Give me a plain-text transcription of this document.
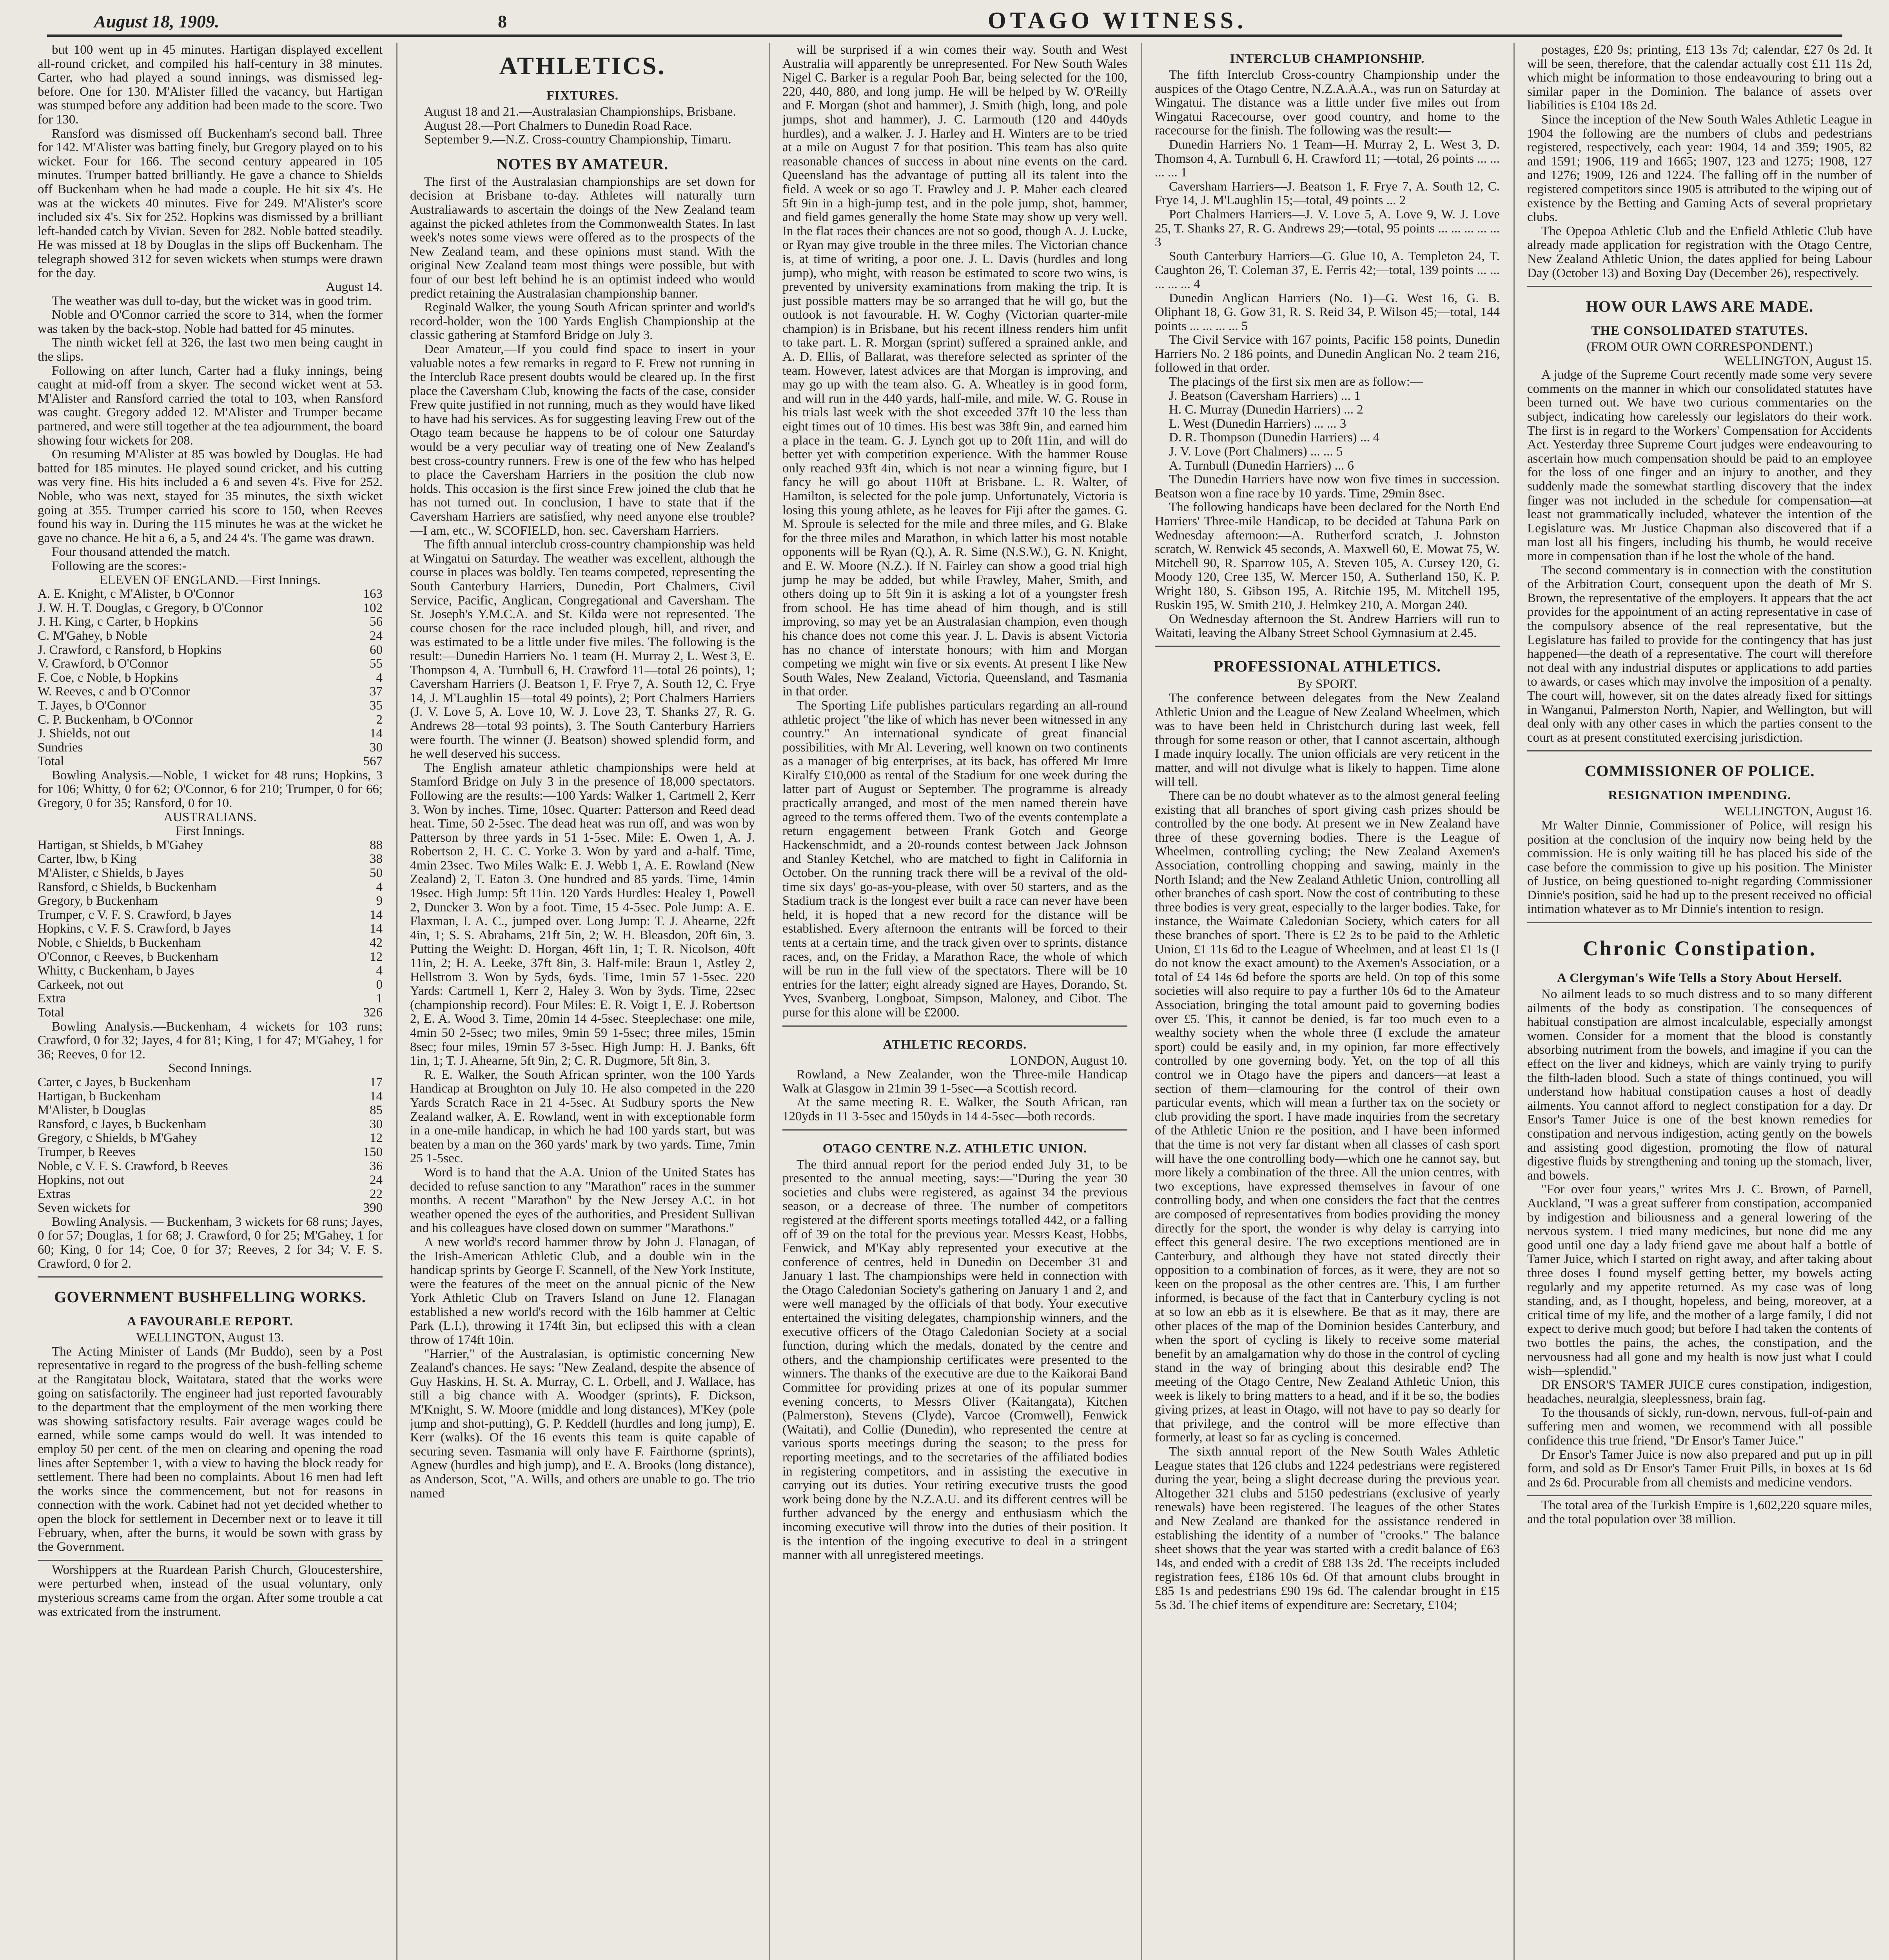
August 18, 1909.	8	OTAGO WITNESS.

but 100 went up in 45 minutes. Hartigan displayed excellent all-round cricket, and compiled his half-century in 38 minutes. Carter, who had played a sound innings, was dismissed leg-before. One for 130. M'Alister filled the vacancy, but Hartigan was stumped before any addition had been made to the score. Two for 130.

Ransford was dismissed off Buckenham's second ball. Three for 142. M'Alister was batting finely, but Gregory played on to his wicket. Four for 166. The second century appeared in 105 minutes. Trumper batted brilliantly. He gave a chance to Shields off Buckenham when he had made a couple. He hit six 4's. He was at the wickets 40 minutes. Five for 249. M'Alister's score included six 4's. Six for 252. Hopkins was dismissed by a brilliant left-handed catch by Vivian. Seven for 282. Noble batted steadily. He was missed at 18 by Douglas in the slips off Buckenham. The telegraph showed 312 for seven wickets when stumps were drawn for the day.

August 14.

The weather was dull to-day, but the wicket was in good trim.

Noble and O'Connor carried the score to 314, when the former was taken by the back-stop. Noble had batted for 45 minutes.

The ninth wicket fell at 326, the last two men being caught in the slips.

Following on after lunch, Carter had a fluky innings, being caught at mid-off from a skyer. The second wicket went at 53. M'Alister and Ransford carried the total to 103, when Ransford was caught. Gregory added 12. M'Alister and Trumper became partnered, and were still together at the tea adjournment, the board showing four wickets for 208.

On resuming M'Alister at 85 was bowled by Douglas. He had batted for 185 minutes. He played sound cricket, and his cutting was very fine. His hits included a 6 and seven 4's. Five for 252. Noble, who was next, stayed for 35 minutes, the sixth wicket going at 355. Trumper carried his score to 150, when Reeves found his way in. During the 115 minutes he was at the wicket he gave no chance. He hit a 6, a 5, and 24 4's. The game was drawn.

Four thousand attended the match.

Following are the scores:-

ELEVEN OF ENGLAND.—First Innings.

A. E. Knight, c M'Alister, b O'Connor	163
J. W. H. T. Douglas, c Gregory, b O'Connor	102
J. H. King, c Carter, b Hopkins	56
C. M'Gahey, b Noble	24
J. Crawford, c Ransford, b Hopkins	60
V. Crawford, b O'Connor	55
F. Coe, c Noble, b Hopkins	4
W. Reeves, c and b O'Connor	37
T. Jayes, b O'Connor	35
C. P. Buckenham, b O'Connor	2
J. Shields, not out	14
Sundries	30
Total	567

Bowling Analysis.—Noble, 1 wicket for 48 runs; Hopkins, 3 for 106; Whitty, 0 for 62; O'Connor, 6 for 210; Trumper, 0 for 66; Gregory, 0 for 35; Ransford, 0 for 10.

AUSTRALIANS.

First Innings.

Hartigan, st Shields, b M'Gahey	88
Carter, lbw, b King	38
M'Alister, c Shields, b Jayes	50
Ransford, c Shields, b Buckenham	4
Gregory, b Buckenham	9
Trumper, c V. F. S. Crawford, b Jayes	14
Hopkins, c V. F. S. Crawford, b Jayes	14
Noble, c Shields, b Buckenham	42
O'Connor, c Reeves, b Buckenham	12
Whitty, c Buckenham, b Jayes	4
Carkeek, not out	0
Extra	1
Total	326

Bowling Analysis.—Buckenham, 4 wickets for 103 runs; Crawford, 0 for 32; Jayes, 4 for 81; King, 1 for 47; M'Gahey, 1 for 36; Reeves, 0 for 12.

Second Innings.

Carter, c Jayes, b Buckenham	17
Hartigan, b Buckenham	14
M'Alister, b Douglas	85
Ransford, c Jayes, b Buckenham	30
Gregory, c Shields, b M'Gahey	12
Trumper, b Reeves	150
Noble, c V. F. S. Crawford, b Reeves	36
Hopkins, not out	24
Extras	22
Seven wickets for	390

Bowling Analysis. — Buckenham, 3 wickets for 68 runs; Jayes, 0 for 57; Douglas, 1 for 68; J. Crawford, 0 for 25; M'Gahey, 1 for 60; King, 0 for 14; Coe, 0 for 37; Reeves, 2 for 34; V. F. S. Crawford, 0 for 2.

GOVERNMENT BUSHFELLING WORKS.

A FAVOURABLE REPORT.

WELLINGTON, August 13.

The Acting Minister of Lands (Mr Buddo), seen by a Post representative in regard to the progress of the bush-felling scheme at the Rangitatau block, Waitatara, stated that the works were going on satisfactorily. The engineer had just reported favourably to the department that the employment of the men working there was showing satisfactory results. Fair average wages could be earned, while some camps would do well. It was intended to employ 50 per cent. of the men on clearing and opening the road lines after September 1, with a view to having the block ready for settlement. There had been no complaints. About 16 men had left the works since the commencement, but not for reasons in connection with the work. Cabinet had not yet decided whether to open the block for settlement in December next or to leave it till February, when, after the burns, it would be sown with grass by the Government.

Worshippers at the Ruardean Parish Church, Gloucestershire, were perturbed when, instead of the usual voluntary, only mysterious screams came from the organ. After some trouble a cat was extricated from the instrument.

ATHLETICS.

FIXTURES.

August 18 and 21.—Australasian Championships, Brisbane.

August 28.—Port Chalmers to Dunedin Road Race.

September 9.—N.Z. Cross-country Championship, Timaru.

NOTES BY AMATEUR.

The first of the Australasian championships are set down for decision at Brisbane to-day. Athletes will naturally turn Australiawards to ascertain the doings of the New Zealand team against the picked athletes from the Commonwealth States. In last week's notes some views were offered as to the prospects of the New Zealand team, and these opinions must stand. With the original New Zealand team most things were possible, but with four of our best left behind he is an optimist indeed who would predict retaining the Australasian championship banner.

Reginald Walker, the young South African sprinter and world's record-holder, won the 100 Yards English Championship at the classic gathering at Stamford Bridge on July 3.

Dear Amateur,—If you could find space to insert in your valuable notes a few remarks in regard to F. Frew not running in the Interclub Race present doubts would be cleared up. In the first place the Caversham Club, knowing the facts of the case, consider Frew quite justified in not running, much as they would have liked to have had his services. As for suggesting leaving Frew out of the Otago team because he happens to be of colour one Saturday would be a very peculiar way of treating one of New Zealand's best cross-country runners. Frew is one of the few who has helped to place the Caversham Harriers in the position the club now holds. This occasion is the first since Frew joined the club that he has not turned out. In conclusion, I have to state that if the Caversham Harriers are satisfied, why need anyone else trouble?—I am, etc., W. SCOFIELD, hon. sec. Caversham Harriers.

The fifth annual interclub cross-country championship was held at Wingatui on Saturday. The weather was excellent, although the course in places was boldly. Ten teams competed, representing the South Canterbury Harriers, Dunedin, Port Chalmers, Civil Service, Pacific, Anglican, Congregational and Caversham. The St. Joseph's Y.M.C.A. and St. Kilda were not represented. The course chosen for the race included plough, hill, and river, and was estimated to be a little under five miles. The following is the result:—Dunedin Harriers No. 1 team (H. Murray 2, L. West 3, E. Thompson 4, A. Turnbull 6, H. Crawford 11—total 26 points), 1; Caversham Harriers (J. Beatson 1, F. Frye 7, A. South 12, C. Frye 14, J. M'Laughlin 15—total 49 points), 2; Port Chalmers Harriers (J. V. Love 5, A. Love 10, W. J. Love 23, T. Shanks 27, R. G. Andrews 28—total 93 points), 3. The South Canterbury Harriers were fourth. The winner (J. Beatson) showed splendid form, and he well deserved his success.

The English amateur athletic championships were held at Stamford Bridge on July 3 in the presence of 18,000 spectators. Following are the results:—100 Yards: Walker 1, Cartmell 2, Kerr 3. Won by inches. Time, 10sec. Quarter: Patterson and Reed dead heat. Time, 50 2-5sec. The dead heat was run off, and was won by Patterson by three yards in 51 1-5sec. Mile: E. Owen 1, A. J. Robertson 2, H. C. C. Yorke 3. Won by yard and a-half. Time, 4min 23sec. Two Miles Walk: E. J. Webb 1, A. E. Rowland (New Zealand) 2, T. Eaton 3. One hundred and 85 yards. Time, 14min 19sec. High Jump: 5ft 11in. 120 Yards Hurdles: Healey 1, Powell 2, Duncker 3. Won by a foot. Time, 15 4-5sec. Pole Jump: A. E. Flaxman, I. A. C., jumped over. Long Jump: T. J. Ahearne, 22ft 4in, 1; S. S. Abrahams, 21ft 5in, 2; W. H. Bleasdon, 20ft 6in, 3. Putting the Weight: D. Horgan, 46ft 1in, 1; T. R. Nicolson, 40ft 11in, 2; H. A. Leeke, 37ft 8in, 3. Half-mile: Braun 1, Astley 2, Hellstrom 3. Won by 5yds, 6yds. Time, 1min 57 1-5sec. 220 Yards: Cartmell 1, Kerr 2, Haley 3. Won by 3yds. Time, 22sec (championship record). Four Miles: E. R. Voigt 1, E. J. Robertson 2, E. A. Wood 3. Time, 20min 14 4-5sec. Steeplechase: one mile, 4min 50 2-5sec; two miles, 9min 59 1-5sec; three miles, 15min 8sec; four miles, 19min 57 3-5sec. High Jump: H. J. Banks, 6ft 1in, 1; T. J. Ahearne, 5ft 9in, 2; C. R. Dugmore, 5ft 8in, 3.

R. E. Walker, the South African sprinter, won the 100 Yards Handicap at Broughton on July 10. He also competed in the 220 Yards Scratch Race in 21 4-5sec. At Sudbury sports the New Zealand walker, A. E. Rowland, went in with exceptionable form in a one-mile handicap, in which he had 100 yards start, but was beaten by a man on the 360 yards' mark by two yards. Time, 7min 25 1-5sec.

Word is to hand that the A.A. Union of the United States has decided to refuse sanction to any "Marathon" races in the summer months. A recent "Marathon" by the New Jersey A.C. in hot weather opened the eyes of the authorities, and President Sullivan and his colleagues have closed down on summer "Marathons."

A new world's record hammer throw by John J. Flanagan, of the Irish-American Athletic Club, and a double win in the handicap sprints by George F. Scannell, of the New York Institute, were the features of the meet on the annual picnic of the New York Athletic Club on Travers Island on June 12. Flanagan established a new world's record with the 16lb hammer at Celtic Park (L.I.), throwing it 174ft 3in, but eclipsed this with a clean throw of 174ft 10in.

"Harrier," of the Australasian, is optimistic concerning New Zealand's chances. He says: "New Zealand, despite the absence of Guy Haskins, H. St. A. Murray, C. L. Orbell, and J. Wallace, has still a big chance with A. Woodger (sprints), F. Dickson, M'Knight, S. W. Moore (middle and long distances), M'Key (pole jump and shot-putting), G. P. Keddell (hurdles and long jump), E. Kerr (walks). Of the 16 events this team is quite capable of securing seven. Tasmania will only have F. Fairthorne (sprints), Agnew (hurdles and high jump), and E. A. Brooks (long distance), as Anderson, Scot, "A. Wills, and others are unable to go. The trio named

will be surprised if a win comes their way. South and West Australia will apparently be unrepresented. For New South Wales Nigel C. Barker is a regular Pooh Bar, being selected for the 100, 220, 440, 880, and long jump. He will be helped by W. O'Reilly and F. Morgan (shot and hammer), J. Smith (high, long, and pole jumps, shot and hammer), J. C. Larmouth (120 and 440yds hurdles), and a walker. J. J. Harley and H. Winters are to be tried at a mile on August 7 for that position. This team has also quite reasonable chances of success in about nine events on the card. Queensland has the advantage of putting all its talent into the field. A week or so ago T. Frawley and J. P. Maher each cleared 5ft 9in in a high-jump test, and in the pole jump, shot, hammer, and field games generally the home State may show up very well. In the flat races their chances are not so good, though A. J. Lucke, or Ryan may give trouble in the three miles. The Victorian chance is, at time of writing, a poor one. J. L. Davis (hurdles and long jump), who might, with reason be estimated to score two wins, is prevented by university examinations from making the trip. It is just possible matters may be so arranged that he will go, but the outlook is not favourable. H. W. Coghy (Victorian quarter-mile champion) is in Brisbane, but his recent illness renders him unfit to take part. L. R. Morgan (sprint) suffered a sprained ankle, and A. D. Ellis, of Ballarat, was therefore selected as sprinter of the team. However, latest advices are that Morgan is improving, and may go up with the team also. G. A. Wheatley is in good form, and will run in the 440 yards, half-mile, and mile. W. G. Rouse in his trials last week with the shot exceeded 37ft 10 the less than eight times out of 10 times. His best was 38ft 9in, and earned him a place in the team. G. J. Lynch got up to 20ft 11in, and will do better yet with competition experience. With the hammer Rouse only reached 93ft 4in, which is not near a winning figure, but I fancy he will go about 110ft at Brisbane. L. R. Walter, of Hamilton, is selected for the pole jump. Unfortunately, Victoria is losing this young athlete, as he leaves for Fiji after the games. G. M. Sproule is selected for the mile and three miles, and G. Blake for the three miles and Marathon, in which latter his most notable opponents will be Ryan (Q.), A. R. Sime (N.S.W.), G. N. Knight, and E. W. Moore (N.Z.). If N. Fairley can show a good trial high jump he may be added, but while Frawley, Maher, Smith, and others doing up to 5ft 9in it is asking a lot of a youngster fresh from school. He has time ahead of him though, and is still improving, so may yet be an Australasian champion, even though his chance does not come this year. J. L. Davis is absent Victoria has no chance of interstate honours; with him and Morgan competing we might win five or six events. At present I like New South Wales, New Zealand, Victoria, Queensland, and Tasmania in that order.

The Sporting Life publishes particulars regarding an all-round athletic project "the like of which has never been witnessed in any country." An international syndicate of great financial possibilities, with Mr Al. Levering, well known on two continents as a manager of big enterprises, at its back, has offered Mr Imre Kiralfy £10,000 as rental of the Stadium for one week during the latter part of August or September. The programme is already practically arranged, and most of the men named therein have agreed to the terms offered them. Two of the events contemplate a return engagement between Frank Gotch and George Hackenschmidt, and a 20-rounds contest between Jack Johnson and Stanley Ketchel, who are matched to fight in California in October. On the running track there will be a revival of the old-time six days' go-as-you-please, with over 50 starters, and as the Stadium track is the longest ever built a race can never have been held, it is hoped that a new record for the distance will be established. Every afternoon the entrants will be forced to their tents at a certain time, and the track given over to sprints, distance races, and, on the Friday, a Marathon Race, the whole of which will be run in the full view of the spectators. There will be 10 entries for the latter; eight already signed are Hayes, Dorando, St. Yves, Svanberg, Longboat, Simpson, Maloney, and Cibot. The purse for this alone will be £2000.

ATHLETIC RECORDS.

LONDON, August 10.

Rowland, a New Zealander, won the Three-mile Handicap Walk at Glasgow in 21min 39 1-5sec—a Scottish record.

At the same meeting R. E. Walker, the South African, ran 120yds in 11 3-5sec and 150yds in 14 4-5sec—both records.

OTAGO CENTRE N.Z. ATHLETIC UNION.

The third annual report for the period ended July 31, to be presented to the annual meeting, says:—"During the year 30 societies and clubs were registered, as against 34 the previous season, or a decrease of three. The number of competitors registered at the different sports meetings totalled 442, or a falling off of 39 on the total for the previous year. Messrs Keast, Hobbs, Fenwick, and M'Kay ably represented your executive at the conference of centres, held in Dunedin on December 31 and January 1 last. The championships were held in connection with the Otago Caledonian Society's gathering on January 1 and 2, and were well managed by the officials of that body. Your executive entertained the visiting delegates, championship winners, and the executive officers of the Otago Caledonian Society at a social function, during which the medals, donated by the centre and others, and the championship certificates were presented to the winners. The thanks of the executive are due to the Kaikorai Band Committee for providing prizes at one of its popular summer evening concerts, to Messrs Oliver (Kaitangata), Kitchen (Palmerston), Stevens (Clyde), Varcoe (Cromwell), Fenwick (Waitati), and Collie (Dunedin), who represented the centre at various sports meetings during the season; to the press for reporting meetings, and to the secretaries of the affiliated bodies in registering competitors, and in assisting the executive in carrying out its duties. Your retiring executive trusts the good work being done by the N.Z.A.U. and its different centres will be further advanced by the energy and enthusiasm which the incoming executive will throw into the duties of their position. It is the intention of the ingoing executive to deal in a stringent manner with all unregistered meetings.

INTERCLUB CHAMPIONSHIP.

The fifth Interclub Cross-country Championship under the auspices of the Otago Centre, N.Z.A.A.A., was run on Saturday at Wingatui. The distance was a little under five miles out from Wingatui Racecourse, over good country, and home to the racecourse for the finish. The following was the result:—

Dunedin Harriers No. 1 Team—H. Murray 2, L. West 3, D. Thomson 4, A. Turnbull 6, H. Crawford 11; —total, 26 points ... ... ... ... 1

Caversham Harriers—J. Beatson 1, F. Frye 7, A. South 12, C. Frye 14, J. M'Laughlin 15;—total, 49 points ... 2

Port Chalmers Harriers—J. V. Love 5, A. Love 9, W. J. Love 25, T. Shanks 27, R. G. Andrews 29;—total, 95 points ... ... ... ... ... 3

South Canterbury Harriers—G. Glue 10, A. Templeton 24, T. Caughton 26, T. Coleman 37, E. Ferris 42;—total, 139 points ... ... ... ... ... 4

Dunedin Anglican Harriers (No. 1)—G. West 16, G. B. Oliphant 18, G. Gow 31, R. S. Reid 34, P. Wilson 45;—total, 144 points ... ... ... ... 5

The Civil Service with 167 points, Pacific 158 points, Dunedin Harriers No. 2 186 points, and Dunedin Anglican No. 2 team 216, followed in that order.

The placings of the first six men are as follow:—

J. Beatson (Caversham Harriers) ... 1

H. C. Murray (Dunedin Harriers) ... 2

L. West (Dunedin Harriers) ... ... 3

D. R. Thompson (Dunedin Harriers) ... 4

J. V. Love (Port Chalmers) ... ... 5

A. Turnbull (Dunedin Harriers) ... 6

The Dunedin Harriers have now won five times in succession. Beatson won a fine race by 10 yards. Time, 29min 8sec.

The following handicaps have been declared for the North End Harriers' Three-mile Handicap, to be decided at Tahuna Park on Wednesday afternoon:—A. Rutherford scratch, J. Johnston scratch, W. Renwick 45 seconds, A. Maxwell 60, E. Mowat 75, W. Mitchell 90, R. Sparrow 105, A. Steven 105, A. Cursey 120, G. Moody 120, Cree 135, W. Mercer 150, A. Sutherland 150, K. P. Wright 180, S. Gibson 195, A. Ritchie 195, M. Mitchell 195, Ruskin 195, W. Smith 210, J. Helmkey 210, A. Morgan 240.

On Wednesday afternoon the St. Andrew Harriers will run to Waitati, leaving the Albany Street School Gymnasium at 2.45.

PROFESSIONAL ATHLETICS.

By SPORT.

The conference between delegates from the New Zealand Athletic Union and the League of New Zealand Wheelmen, which was to have been held in Christchurch during last week, fell through for some reason or other, that I cannot ascertain, although I made inquiry locally. The union officials are very reticent in the matter, and will not divulge what is likely to happen. Time alone will tell.

There can be no doubt whatever as to the almost general feeling existing that all branches of sport giving cash prizes should be controlled by the one body. At present we in New Zealand have three of these governing bodies. There is the League of Wheelmen, controlling cycling; the New Zealand Axemen's Association, controlling chopping and sawing, mainly in the North Island; and the New Zealand Athletic Union, controlling all other branches of cash sport. Now the cost of contributing to these three bodies is very great, especially to the larger bodies. Take, for instance, the Waimate Caledonian Society, which caters for all these branches of sport. There is £2 2s to be paid to the Athletic Union, £1 11s 6d to the League of Wheelmen, and at least £1 1s (I do not know the exact amount) to the Axemen's Association, or a total of £4 14s 6d before the sports are held. On top of this some societies will also require to pay a further 10s 6d to the Amateur Association, bringing the total amount paid to governing bodies over £5. This, it cannot be denied, is far too much even to a wealthy society when the whole three (I exclude the amateur sport) could be easily and, in my opinion, far more effectively controlled by one governing body. Yet, on the top of all this control we in Otago have the pipers and dancers—at least a section of them—clamouring for the control of their own particular events, which will mean a further tax on the society or club providing the sport. I have made inquiries from the secretary of the Athletic Union re the position, and I have been informed that the time is not very far distant when all classes of cash sport will have the one controlling body—which one he cannot say, but more likely a combination of the three. All the union centres, with two exceptions, have expressed themselves in favour of one controlling body, and when one considers the fact that the centres are composed of representatives from bodies providing the money directly for the sport, the wonder is why delay is carrying into effect this general desire. The two exceptions mentioned are in Canterbury, and although they have not stated directly their opposition to a combination of forces, as it were, they are not so keen on the proposal as the other centres are. This, I am further informed, is because of the fact that in Canterbury cycling is not at so low an ebb as it is elsewhere. Be that as it may, there are other places of the map of the Dominion besides Canterbury, and when the sport of cycling is likely to receive some material benefit by an amalgamation why do those in the control of cycling stand in the way of bringing about this desirable end? The meeting of the Otago Centre, New Zealand Athletic Union, this week is likely to bring matters to a head, and if it be so, the bodies giving prizes, at least in Otago, will not have to pay so dearly for that privilege, and the control will be more effective than formerly, at least so far as cycling is concerned.

The sixth annual report of the New South Wales Athletic League states that 126 clubs and 1224 pedestrians were registered during the year, being a slight decrease during the previous year. Altogether 321 clubs and 5150 pedestrians (exclusive of yearly renewals) have been registered. The leagues of the other States and New Zealand are thanked for the assistance rendered in establishing the identity of a number of "crooks." The balance sheet shows that the year was started with a credit balance of £63 14s, and ended with a credit of £88 13s 2d. The receipts included registration fees, £186 10s 6d. Of that amount clubs brought in £85 1s and pedestrians £90 19s 6d. The calendar brought in £15 5s 3d. The chief items of expenditure are: Secretary, £104;

postages, £20 9s; printing, £13 13s 7d; calendar, £27 0s 2d. It will be seen, therefore, that the calendar actually cost £11 11s 2d, which might be information to those endeavouring to bring out a similar paper in the Dominion. The balance of assets over liabilities is £104 18s 2d.

Since the inception of the New South Wales Athletic League in 1904 the following are the numbers of clubs and pedestrians registered, respectively, each year: 1904, 14 and 359; 1905, 82 and 1591; 1906, 119 and 1665; 1907, 123 and 1275; 1908, 127 and 1276; 1909, 126 and 1224. The falling off in the number of registered competitors since 1905 is attributed to the wiping out of existence by the Betting and Gaming Acts of several proprietary clubs.

The Opepoa Athletic Club and the Enfield Athletic Club have already made application for registration with the Otago Centre, New Zealand Athletic Union, the dates applied for being Labour Day (October 13) and Boxing Day (December 26), respectively.

HOW OUR LAWS ARE MADE.

THE CONSOLIDATED STATUTES.

(FROM OUR OWN CORRESPONDENT.)

WELLINGTON, August 15.

A judge of the Supreme Court recently made some very severe comments on the manner in which our consolidated statutes have been turned out. We have two curious commentaries on the subject, indicating how carelessly our legislators do their work. The first is in regard to the Workers' Compensation for Accidents Act. Yesterday three Supreme Court judges were endeavouring to ascertain how much compensation should be paid to an employee for the loss of one finger and an injury to another, and they suddenly made the somewhat startling discovery that the index finger was not included in the schedule for compensation—at least not grammatically included, whatever the intention of the Legislature was. Mr Justice Chapman also discovered that if a man lost all his fingers, including his thumb, he would receive more in compensation than if he lost the whole of the hand.

The second commentary is in connection with the constitution of the Arbitration Court, consequent upon the death of Mr S. Brown, the representative of the employers. It appears that the act provides for the appointment of an acting representative in case of the compulsory absence of the real representative, but the Legislature has failed to provide for the contingency that has just happened—the death of a representative. The court will therefore not deal with any industrial disputes or applications to add parties to awards, or cases which may involve the imposition of a penalty. The court will, however, sit on the dates already fixed for sittings in Wanganui, Palmerston North, Napier, and Wellington, but will deal only with any other cases in which the parties consent to the court as at present constituted exercising jurisdiction.

COMMISSIONER OF POLICE.

RESIGNATION IMPENDING.

WELLINGTON, August 16.

Mr Walter Dinnie, Commissioner of Police, will resign his position at the conclusion of the inquiry now being held by the commission. He is only waiting till he has placed his side of the case before the commission to give up his position. The Minister of Justice, on being questioned to-night regarding Commissioner Dinnie's position, said he had up to the present received no official intimation whatever as to Mr Dinnie's intention to resign.

Chronic Constipation.

A Clergyman's Wife Tells a Story About Herself.

No ailment leads to so much distress and to so many different ailments of the body as constipation. The consequences of habitual constipation are almost incalculable, especially amongst women. Consider for a moment that the blood is constantly absorbing nutriment from the bowels, and imagine if you can the effect on the liver and kidneys, which are vainly trying to purify the filth-laden blood. Such a state of things continued, you will understand how habitual constipation causes a host of deadly ailments. You cannot afford to neglect constipation for a day. Dr Ensor's Tamer Juice is one of the best known remedies for constipation and nervous indigestion, acting gently on the bowels and assisting good digestion, promoting the flow of natural digestive fluids by strengthening and toning up the stomach, liver, and bowels.

"For over four years," writes Mrs J. C. Brown, of Parnell, Auckland, "I was a great sufferer from constipation, accompanied by indigestion and biliousness and a general lowering of the nervous system. I tried many medicines, but none did me any good until one day a lady friend gave me about half a bottle of Tamer Juice, which I started on right away, and after taking about three doses I found myself getting better, my bowels acting regularly and my appetite returned. As my case was of long standing, and, as I thought, hopeless, and being, moreover, at a critical time of my life, and the mother of a large family, I did not expect to derive much good; but before I had taken the contents of two bottles the pains, the aches, the constipation, and the nervousness had all gone and my health is now just what I could wish—splendid."

DR ENSOR'S TAMER JUICE cures constipation, indigestion, headaches, neuralgia, sleeplessness, brain fag.

To the thousands of sickly, run-down, nervous, full-of-pain and suffering men and women, we recommend with all possible confidence this true friend, "Dr Ensor's Tamer Juice."

Dr Ensor's Tamer Juice is now also prepared and put up in pill form, and sold as Dr Ensor's Tamer Fruit Pills, in boxes at 1s 6d and 2s 6d. Procurable from all chemists and medicine vendors.

The total area of the Turkish Empire is 1,602,220 square miles, and the total population over 38 million.
